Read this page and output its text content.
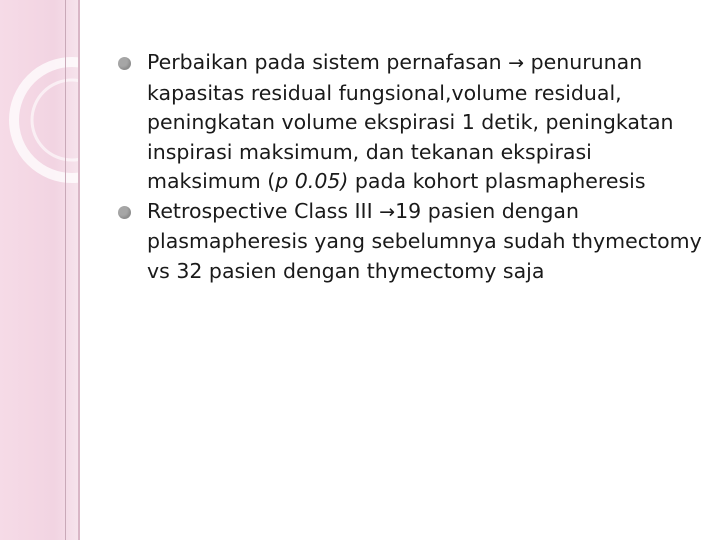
Perbaikan pada sistem pernafasan → penurunan kapasitas residual fungsional,volume residual, peningkatan volume ekspirasi 1 detik, peningkatan inspirasi maksimum, dan tekanan ekspirasi maksimum (p 0.05) pada kohort plasmapheresis
Retrospective Class III →19 pasien dengan plasmapheresis yang sebelumnya sudah thymectomy vs 32 pasien dengan thymectomy saja
